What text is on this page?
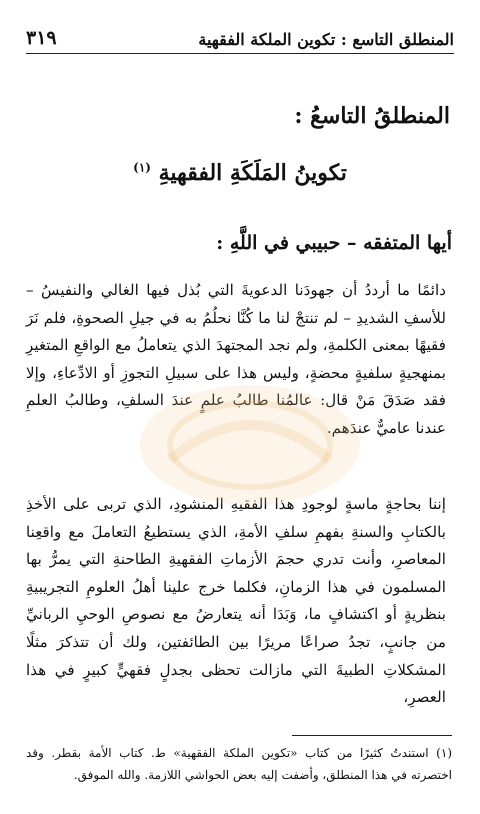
المنطلق التاسع : تكوين الملكة الفقهية
٣١٩
المنطلقُ التاسعُ :
تكوينُ المَلَكَةِ الفقهيةِ $^{(١)}$
أيها المتفقه – حبيبي في اللَّهِ :
دائمًا ما أرددُ أن جهودَنا الدعويةَ التي بُذل فيها الغالي والنفيسُ – للأسفِ الشديدِ – لم تنتجْ لنا ما كُنَّا نحلُمُ به في جيلِ الصحوةِ، فلم نَرَ فقيهًا بمعنى الكلمةِ، ولم نجد المجتهدَ الذي يتعاملُ مع الواقعِ المتغيرِ بمنهجيةٍ سلفيةٍ محضةٍ، وليس هذا على سبيلِ التجوزِ أو الادِّعاءِ، وإلا فقد صَدَقَ مَنْ قال: عالمُنا طالبُ علمٍ عندَ السلفِ، وطالبُ العلمِ عندنا عاميٌّ عندَهم.
إننا بحاجةٍ ماسةٍ لوجودِ هذا الفقيهِ المنشودِ، الذي تربى على الأخذِ بالكتابِ والسنةِ بفهمِ سلفِ الأمةِ، الذي يستطيعُ التعاملَ مع واقعِنا المعاصرِ، وأنت تدري حجمَ الأزماتِ الفقهيةِ الطاحنةِ التي يمرُّ بها المسلمون في هذا الزمانِ، فكلما خرج علينا أهلُ العلومِ التجريبيةِ بنظريةٍ أو اكتشافٍ ما، وَبَدَا أنه يتعارضُ مع نصوصِ الوحيِ الربانيِّ من جانبٍ، تجدُ صراعًا مريرًا بين الطائفتين، ولك أن تتذكرَ مثلًا المشكلاتِ الطبيةَ التي مازالت تحظى بجدلٍ فقهيٍّ كبيرٍ في هذا العصرِ،
(١) استندتُ كثيرًا من كتاب «تكوين الملكة الفقهية» ط. كتاب الأمة بقطر. وقد اختصرته في هذا المنطلق، وأضفت إليه بعض الحواشي اللازمة. والله الموفق.
